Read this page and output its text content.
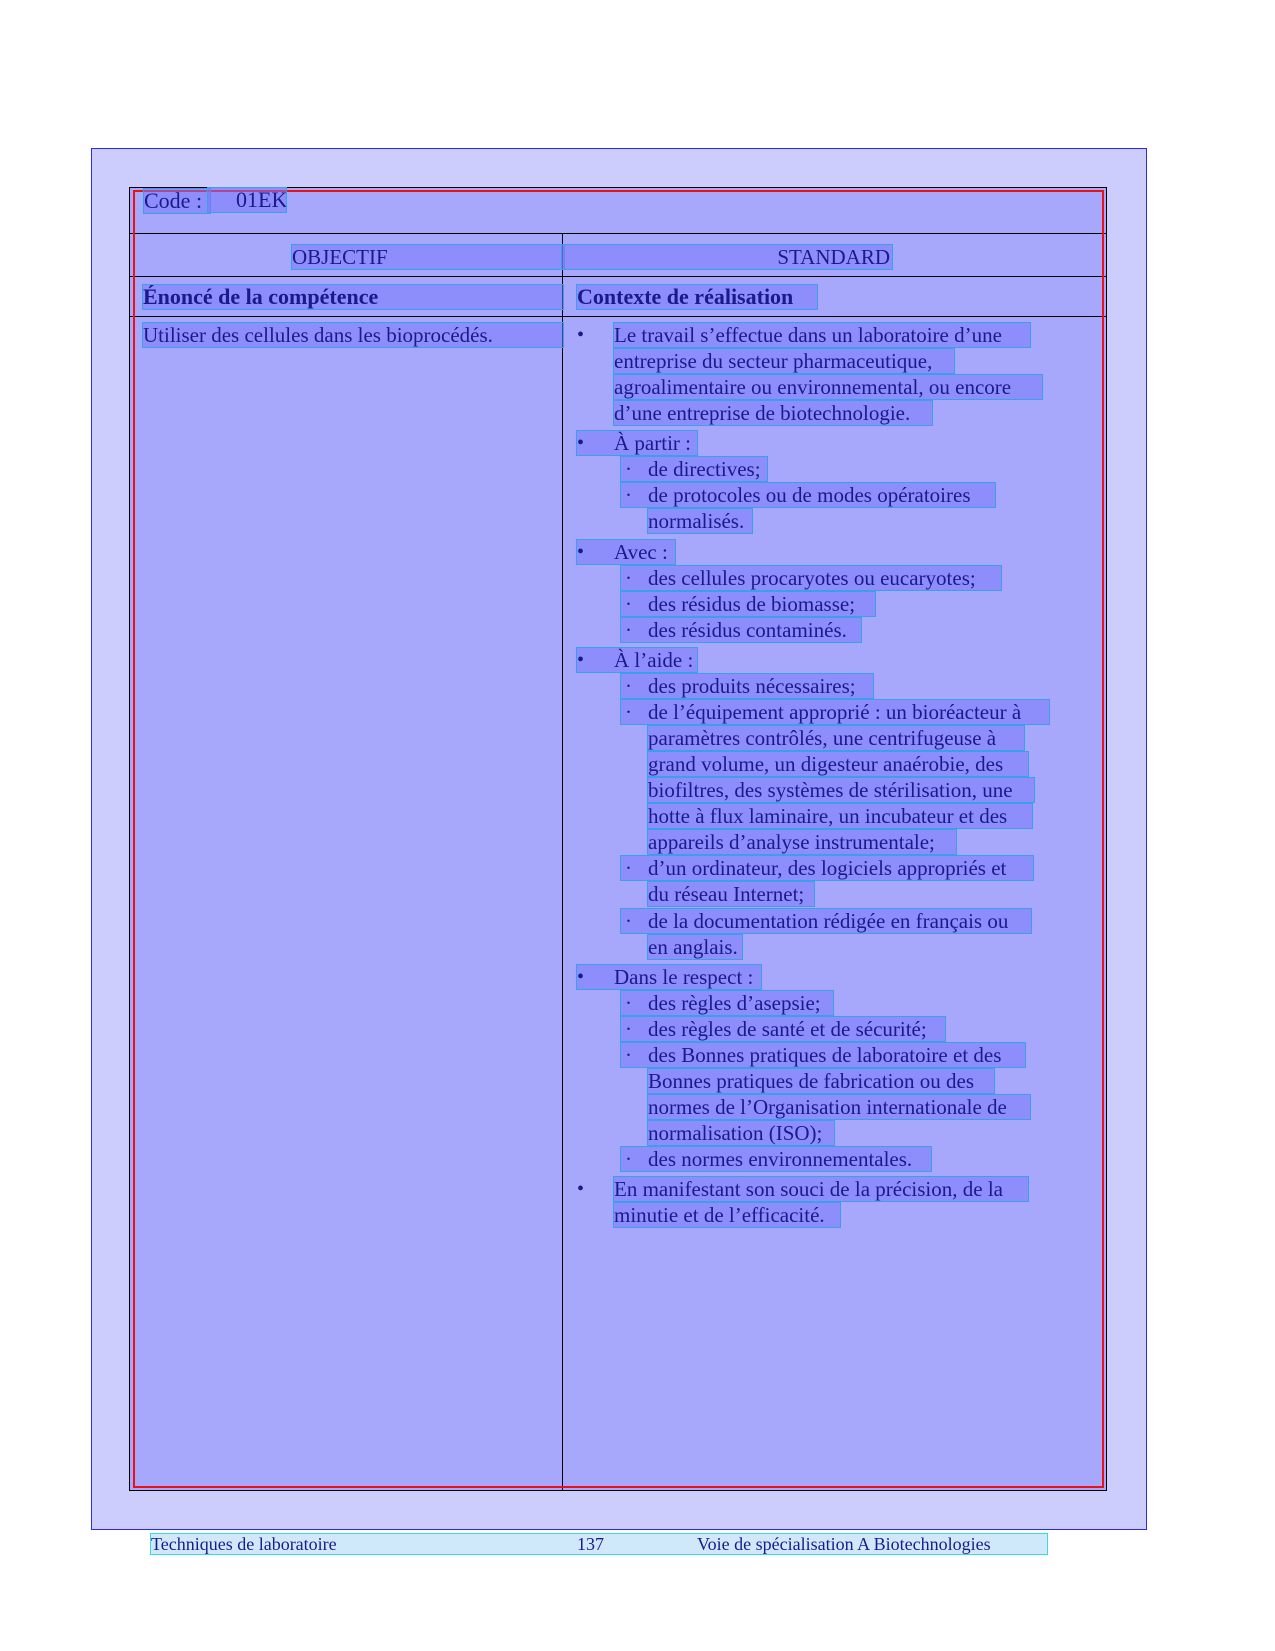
Code :	01EK
OBJECTIF	STANDARD
Énoncé de la compétence	Contexte de réalisation
Utiliser des cellules dans les bioprocédés.	• Le travail s’effectue dans un laboratoire d’une
entreprise du secteur pharmaceutique,
agroalimentaire ou environnemental, ou encore
d’une entreprise de biotechnologie.
À partir :
•
de directives;
·
de protocoles ou de modes opératoires
·
normalisés.
Avec :
•
des cellules procaryotes ou eucaryotes;
·
des résidus de biomasse;
·
des résidus contaminés.
·
À l’aide :
•
des produits nécessaires;
·
de l’équipement approprié : un bioréacteur à
·
paramètres contrôlés, une centrifugeuse à
grand volume, un digesteur anaérobie, des
biofiltres, des systèmes de stérilisation, une
hotte à flux laminaire, un incubateur et des
appareils d’analyse instrumentale;
d’un ordinateur, des logiciels appropriés et
·
du réseau Internet;
de la documentation rédigée en français ou
·
en anglais.
Dans le respect :
•
des règles d’asepsie;
·
des règles de santé et de sécurité;
·
des Bonnes pratiques de laboratoire et des
·
Bonnes pratiques de fabrication ou des
normes de l’Organisation internationale de
normalisation (ISO);
des normes environnementales.
·
• En manifestant son souci de la précision, de la
minutie et de l’efficacité.
Techniques de laboratoire	137	Voie de spécialisation A Biotechnologies
